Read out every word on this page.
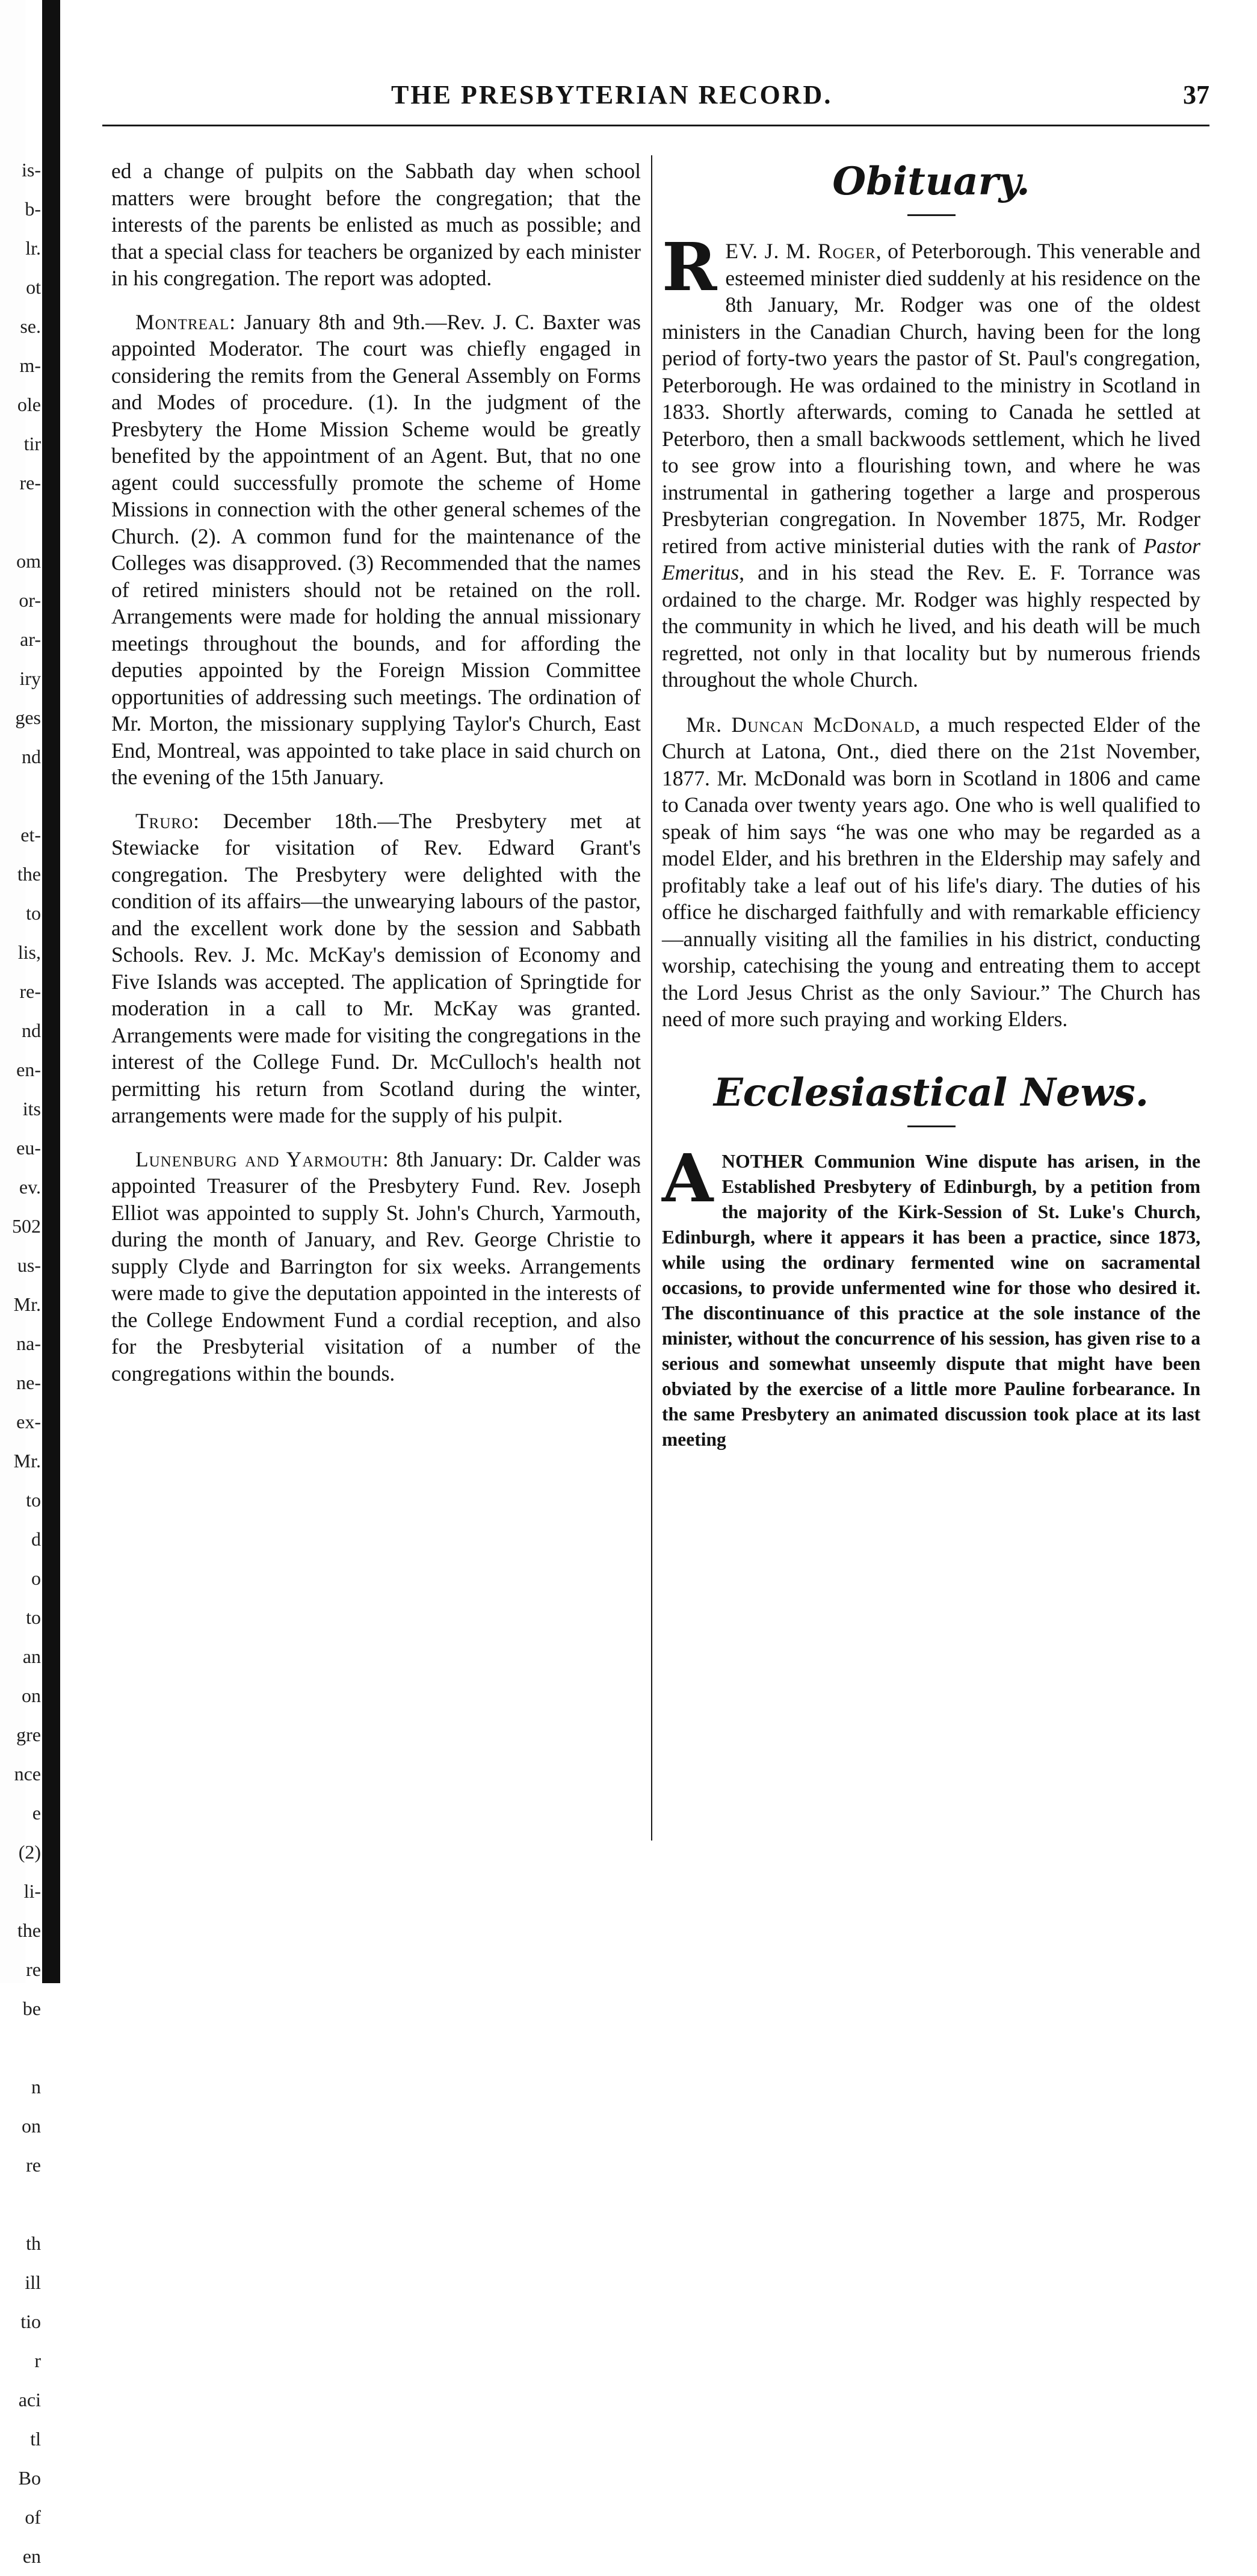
is-
b-
lr.
ot
se.
m-
ole
tir
re-
om
or-
ar-
iry
ges
nd
et-
the
to
lis,
re-
nd
en-
its
eu-
ev.
502
us-
Mr.
na-
ne-
ex-
Mr.
to
d
o
to
an
on
gre
nce
e
(2)
li-
the
re
be
n
on
re
th
ill
tio
r
aci
tl
Bo
of
en
THE PRESBYTERIAN RECORD.	37

ed a change of pulpits on the Sabbath day when school matters were brought before the congregation; that the interests of the parents be enlisted as much as possible; and that a special class for teachers be organized by each minister in his congregation. The report was adopted.

Montreal: January 8th and 9th.—Rev. J. C. Baxter was appointed Moderator. The court was chiefly engaged in considering the remits from the General Assembly on Forms and Modes of procedure. (1). In the judgment of the Presbytery the Home Mission Scheme would be greatly benefited by the appointment of an Agent. But, that no one agent could successfully promote the scheme of Home Missions in connection with the other general schemes of the Church. (2). A common fund for the maintenance of the Colleges was disapproved. (3) Recommended that the names of retired ministers should not be retained on the roll. Arrangements were made for holding the annual missionary meetings throughout the bounds, and for affording the deputies appointed by the Foreign Mission Committee opportunities of addressing such meetings. The ordination of Mr. Morton, the missionary supplying Taylor's Church, East End, Montreal, was appointed to take place in said church on the evening of the 15th January.

Truro: December 18th.—The Presbytery met at Stewiacke for visitation of Rev. Edward Grant's congregation. The Presbytery were delighted with the condition of its affairs—the unwearying labours of the pastor, and the excellent work done by the session and Sabbath Schools. Rev. J. Mc. McKay's demission of Economy and Five Islands was accepted. The application of Springtide for moderation in a call to Mr. McKay was granted. Arrangements were made for visiting the congregations in the interest of the College Fund. Dr. McCulloch's health not permitting his return from Scotland during the winter, arrangements were made for the supply of his pulpit.

Lunenburg and Yarmouth: 8th January: Dr. Calder was appointed Treasurer of the Presbytery Fund. Rev. Joseph Elliot was appointed to supply St. John's Church, Yarmouth, during the month of January, and Rev. George Christie to supply Clyde and Barrington for six weeks. Arrangements were made to give the deputation appointed in the interests of the College Endowment Fund a cordial reception, and also for the Presbyterial visitation of a number of the congregations within the bounds.

Obituary.

REV. J. M. Roger, of Peterborough. This venerable and esteemed minister died suddenly at his residence on the 8th January, Mr. Rodger was one of the oldest ministers in the Canadian Church, having been for the long period of forty-two years the pastor of St. Paul's congregation, Peterborough. He was ordained to the ministry in Scotland in 1833. Shortly afterwards, coming to Canada he settled at Peterboro, then a small backwoods settlement, which he lived to see grow into a flourishing town, and where he was instrumental in gathering together a large and prosperous Presbyterian congregation. In November 1875, Mr. Rodger retired from active ministerial duties with the rank of Pastor Emeritus, and in his stead the Rev. E. F. Torrance was ordained to the charge. Mr. Rodger was highly respected by the community in which he lived, and his death will be much regretted, not only in that locality but by numerous friends throughout the whole Church.

Mr. Duncan McDonald, a much respected Elder of the Church at Latona, Ont., died there on the 21st November, 1877. Mr. McDonald was born in Scotland in 1806 and came to Canada over twenty years ago. One who is well qualified to speak of him says “he was one who may be regarded as a model Elder, and his brethren in the Eldership may safely and profitably take a leaf out of his life's diary. The duties of his office he discharged faithfully and with remarkable efficiency—annually visiting all the families in his district, conducting worship, catechising the young and entreating them to accept the Lord Jesus Christ as the only Saviour.” The Church has need of more such praying and working Elders.

Ecclesiastical News.

ANOTHER Communion Wine dispute has arisen, in the Established Presbytery of Edinburgh, by a petition from the majority of the Kirk-Session of St. Luke's Church, Edinburgh, where it appears it has been a practice, since 1873, while using the ordinary fermented wine on sacramental occasions, to provide unfermented wine for those who desired it. The discontinuance of this practice at the sole instance of the minister, without the concurrence of his session, has given rise to a serious and somewhat unseemly dispute that might have been obviated by the exercise of a little more Pauline forbearance. In the same Presbytery an animated discussion took place at its last meeting
